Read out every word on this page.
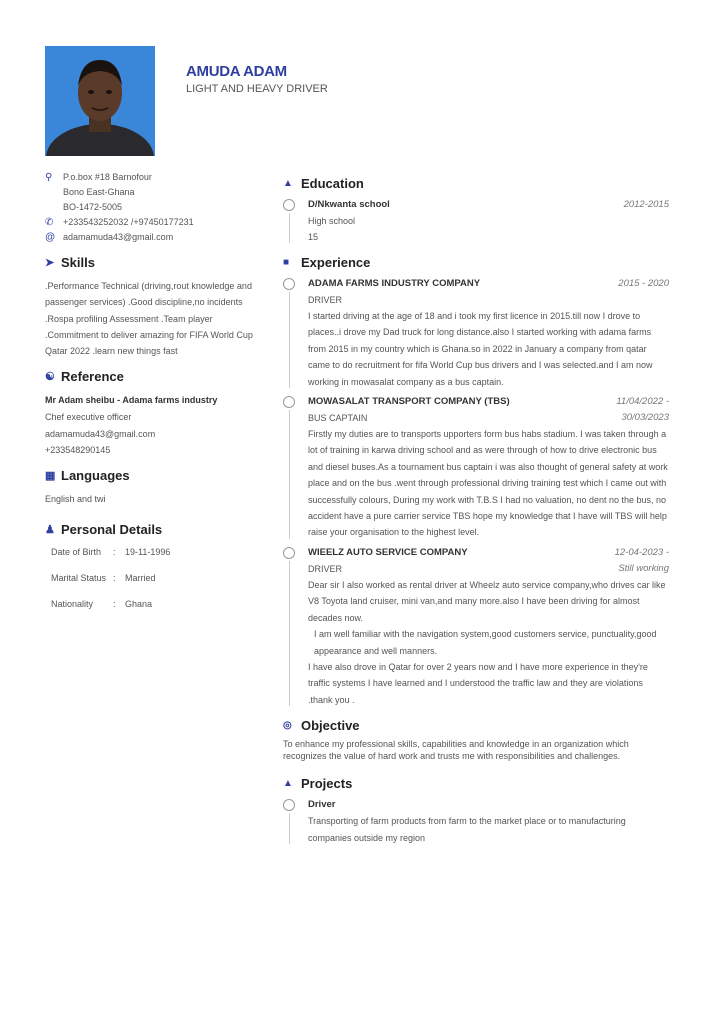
AMUDA ADAM
LIGHT AND HEAVY DRIVER
⚲	P.o.box #18 Barnofour
Bono East-Ghana
BO-1472-5005
✆	+233543252032 /+97450177231
@ adamamuda43@gmail.com
➤ Skills
.Performance Technical (driving,rout knowledge and passenger services) .Good discipline,no incidents .Rospa profiling Assessment .Team player .Commitment to deliver amazing for FIFA World Cup Qatar 2022 .learn new things fast
☯ Reference
Mr Adam sheibu - Adama farms industry
Chef executive officer
adamamuda43@gmail.com
+233548290145
▦ Languages
English and twi
♟ Personal Details
Date of Birth	:	19-11-1996
Marital Status :	Married
Nationality	:	Ghana
▲ Education
D/Nkwanta school	2012-2015
High school
15
■ Experience
ADAMA FARMS INDUSTRY COMPANY	2015 - 2020
DRIVER
I started driving at the age of 18 and i took my first licence in 2015.till now I drove to places..i drove my Dad truck for long distance.also I started working with adama farms from 2015 in my country which is Ghana.so in 2022 in January a company from qatar came to do recruitment for fifa World Cup bus drivers and I was selected.and I am now working in mowasalat company as a bus captain.
MOWASALAT TRANSPORT COMPANY (TBS)	11/04/2022 -
BUS CAPTAIN	30/03/2023
Firstly my duties are to transports upporters form bus habs stadium. I was taken through a lot of training in karwa driving school and as were through of how to drive electronic bus and diesel buses.As a tournament bus captain i was also thought of general safety at work place and on the bus .went through professional driving training test which I came out with successfully colours, During my work with T.B.S I had no valuation, no dent no the bus, no accident have a pure carrier service TBS hope my knowledge that I have will TBS will help raise your organisation to the highest level.
WIEELZ AUTO SERVICE COMPANY	12-04-2023 -
DRIVER	Still working
Dear sir I also worked as rental driver at Wheelz auto service company,who drives car like V8 Toyota land cruiser, mini van,and many more.also I have been driving for almost decades now.
I am well familiar with the navigation system,good customers service, punctuality,good appearance and well manners.
I have also drove in Qatar for over 2 years now and I have more experience in they're traffic systems I have learned and I understood the traffic law and they are violations .thank you .
◎ Objective
To enhance my professional skills, capabilities and knowledge in an organization which recognizes the value of hard work and trusts me with responsibilities and challenges.
▲ Projects
Driver
Transporting of farm products from farm to the market place or to manufacturing companies outside my region
